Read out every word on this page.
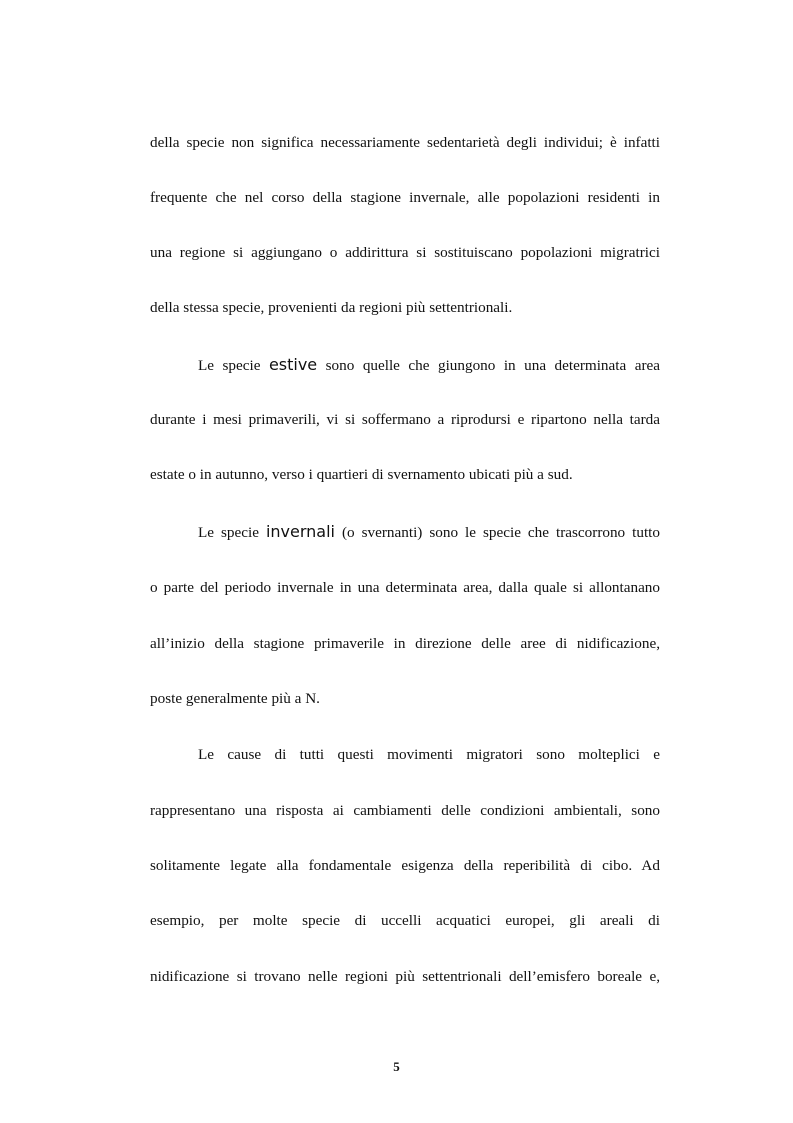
della specie non significa necessariamente sedentarietà degli individui; è infatti
frequente che nel corso della stagione invernale, alle popolazioni residenti in
una regione si aggiungano o addirittura si sostituiscano popolazioni migratrici
della stessa specie, provenienti da regioni più settentrionali.
Le specie estive sono quelle che giungono in una determinata area
durante i mesi primaverili, vi si soffermano a riprodursi e ripartono nella tarda
estate o in autunno, verso i quartieri di svernamento ubicati più a sud.
Le specie invernali (o svernanti) sono le specie che trascorrono tutto
o parte del periodo invernale in una determinata area, dalla quale si allontanano
all’inizio della stagione primaverile in direzione delle aree di nidificazione,
poste generalmente più a N.
Le cause di tutti questi movimenti migratori sono molteplici e
rappresentano una risposta ai cambiamenti delle condizioni ambientali, sono
solitamente legate alla fondamentale esigenza della reperibilità di cibo. Ad
esempio, per molte specie di uccelli acquatici europei, gli areali di
nidificazione si trovano nelle regioni più settentrionali dell’emisfero boreale e,
5
